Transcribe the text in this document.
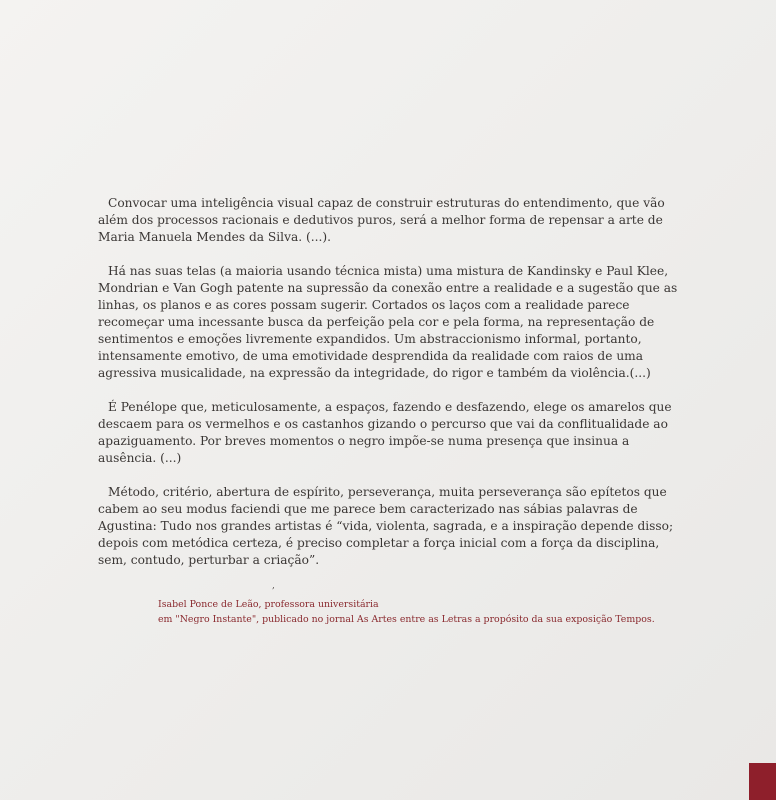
Convocar uma inteligência visual capaz de construir estruturas do entendimento, que vão além dos processos racionais e dedutivos puros, será a melhor forma de repensar a arte de Maria Manuela Mendes da Silva. (...).

Há nas suas telas (a maioria usando técnica mista) uma mistura de Kandinsky e Paul Klee, Mondrian e Van Gogh patente na supressão da conexão entre a realidade e a sugestão que as linhas, os planos e as cores possam sugerir. Cortados os laços com a realidade parece recomeçar uma incessante busca da perfeição pela cor e pela forma, na representação de sentimentos e emoções livremente expandidos. Um abstraccionismo informal, portanto, intensamente emotivo, de uma emotividade desprendida da realidade com raios de uma agressiva musicalidade, na expressão da integridade, do rigor e também da violência.(...)

É Penélope que, meticulosamente, a espaços, fazendo e desfazendo, elege os amarelos que descaem para os vermelhos e os castanhos gizando o percurso que vai da conflitualidade ao apaziguamento. Por breves momentos o negro impõe-se numa presença que insinua a ausência. (...)

Método, critério, abertura de espírito, perseverança, muita perseverança são epítetos que cabem ao seu modus faciendi que me parece bem caracterizado nas sábias palavras de Agustina: Tudo nos grandes artistas é “vida, violenta, sagrada, e a inspiração depende disso; depois com metódica certeza, é preciso completar a força inicial com a força da disciplina, sem, contudo, perturbar a criação”.

,
Isabel Ponce de Leão, professora universitária
em "Negro Instante", publicado no jornal As Artes entre as Letras a propósito da sua exposição Tempos.
